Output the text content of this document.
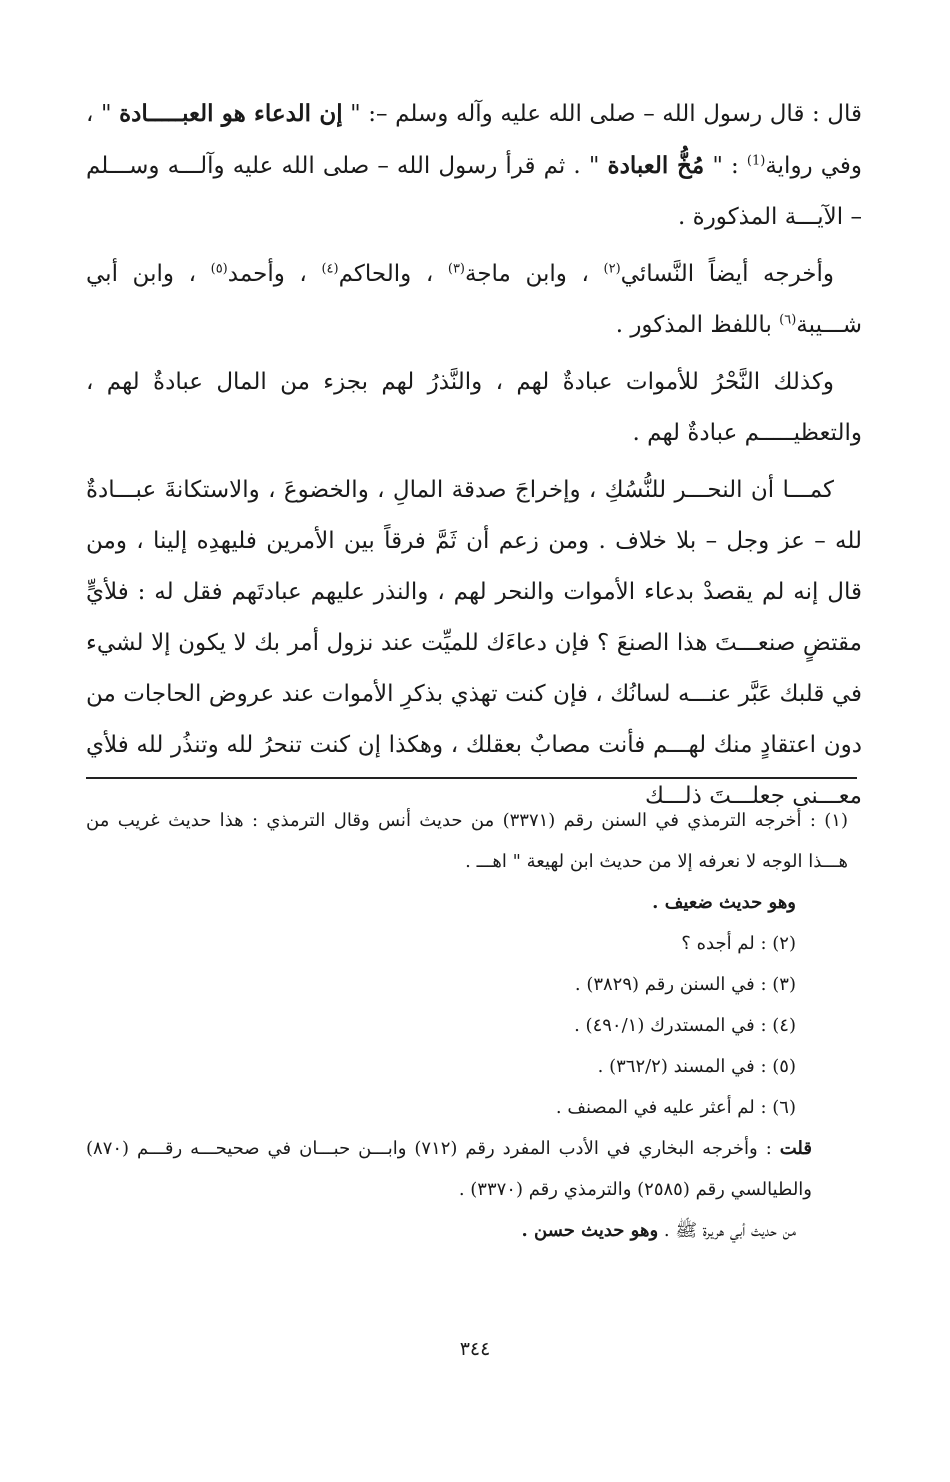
قال : قال رسول الله – صلى الله عليه وآله وسلم –: " إن الدعاء هو العبـــــادة " ، وفي رواية$^{(1)}$ : " مُخُّ العبادة " . ثم قرأ رسول الله – صلى الله عليه وآلـــه وســـلم – الآيـــة المذكورة .

وأخرجه أيضاً النَّسائي$^{(٢)}$ ، وابن ماجة$^{(٣)}$ ، والحاكم$^{(٤)}$ ، وأحمد$^{(٥)}$ ، وابن أبي شـــيبة$^{(٦)}$ باللفظ المذكور .

وكذلك النَّحْرُ للأموات عبادةٌ لهم ، والنَّذرُ لهم بجزء من المال عبادةٌ لهم ، والتعظيـــــم عبادةٌ لهم .

كمـــا أن النحـــر للنُّسُكِ ، وإخراجَ صدقة المالِ ، والخضوعَ ، والاستكانةَ عبـــادةٌ لله – عز وجل – بلا خلاف . ومن زعم أن ثَمَّ فرقاً بين الأمرين فليهدِه إلينا ، ومن قال إنه لم يقصدْ بدعاء الأموات والنحر لهم ، والنذر عليهم عبادتَهم فقل له : فلأيٍّ مقتضٍ صنعـــتَ هذا الصنعَ ؟ فإن دعاءَك للميِّت عند نزول أمر بك لا يكون إلا لشيء في قلبك عَبَّر عنـــه لسانُك ، فإن كنت تهذي بذكرِ الأموات عند عروض الحاجات من دون اعتقادٍ منك لهـــم فأنت مصابٌ بعقلك ، وهكذا إن كنت تنحرُ لله وتنذُر لله فلأي معـــنى جعلـــتَ ذلـــك

(١) : أخرجه الترمذي في السنن رقم (٣٣٧١) من حديث أنس وقال الترمذي : هذا حديث غريب من هـــذا الوجه لا نعرفه إلا من حديث ابن لهيعة " اهـــ .

وهو حديث ضعيف .

(٢) : لم أجده ؟

(٣) : في السنن رقم (٣٨٢٩) .

(٤) : في المستدرك (٤٩٠/١) .

(٥) : في المسند (٣٦٢/٢) .

(٦) : لم أعثر عليه في المصنف .

قلت : وأخرجه البخاري في الأدب المفرد رقم (٧١٢) وابـــن حبـــان في صحيحـــه رقـــم (٨٧٠) والطيالسي رقم (٢٥٨٥) والترمذي رقم (٣٣٧٠) .

من حديث أبي هريرة ﷺ . وهو حديث حسن .

٣٤٤
